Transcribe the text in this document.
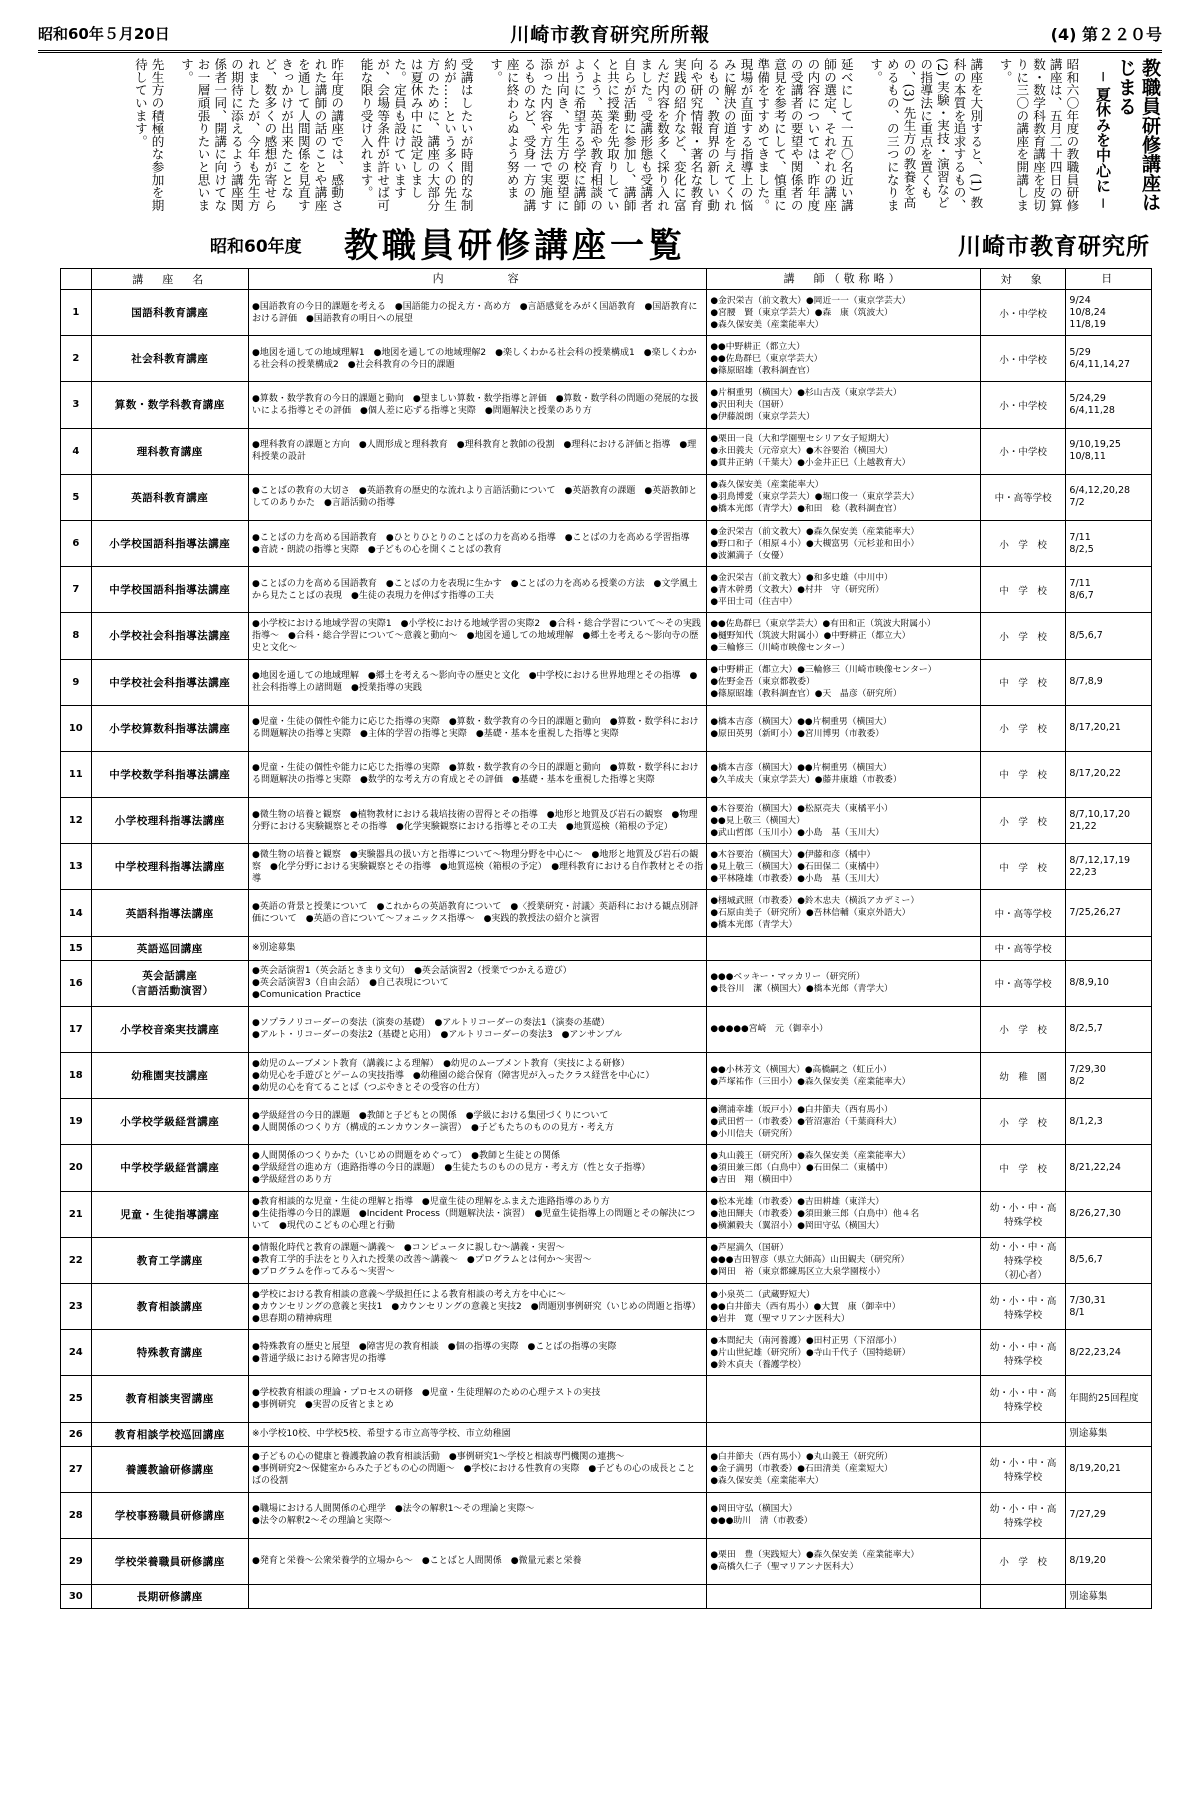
昭和60年５月20日	川崎市教育研究所所報	(4) 第２２０号
教職員研修講座はじまる
─ 夏休みを中心に ─

昭和六〇年度の教職員研修講座は、五月二十四日の算数・数学科教育講座を皮切りに三〇の講座を開講します。

講座を大別すると、(1) 教科の本質を追求するもの、(2) 実験・実技・演習などの指導法に重点を置くもの、(3) 先生方の教養を高めるもの、の三つになります。

延べにして一五〇名近い講師の選定、それぞれの講座の内容については、昨年度の受講者の要望や関係者の意見を参考にして、慎重に準備をすすめてきました。現場が直面する指導上の悩みに解決の道を与えてくれるもの、教育界の新しい動向や研究情報・著名な教育実践の紹介など、変化に富んだ内容を数多く採り入れました。受講形態も受講者自らが活動に参加し、講師と共に授業を先取りしていくよう、英語や教育相談のように希望する学校に講師が出向き、先生方の要望に添った内容や方法で実施するものなど、受身一方の講座に終わらぬよう努めます。

受講はしたいが時間的な制約が……という多くの先生方のために、講座の大部分は夏休み中に設定しました。定員も設けていますが、会場等条件が許せば可能な限り受け入れます。

昨年度の講座では、感動された講師の話のことや講座を通して人間関係を見直すきっかけが出来たことなど、数多くの感想が寄せられましたが、今年も先生方の期待に添えるよう講座関係者一同、開講に向けてなお一層頑張りたいと思います。

先生方の積極的な参加を期待しています。

昭和60年度 教職員研修講座一覧	川崎市教育研究所
	講　座　名	内　　　　容	講　師（敬称略）	対　象	日

1	国語科教育講座	●国語教育の今日的課題を考える　●国語能力の捉え方・高め方　●言語感覚をみがく国語教育　●国語教育における評価　●国語教育の明日への展望	●金沢栄吉（前文教大）●岡近一一（東京学芸大）
●宮腰　賢（東京学芸大）●森　康（筑波大）
●森久保安美（産業能率大）	小・中学校	9/24
10/8,24
11/8,19

2	社会科教育講座	●地図を通しての地域理解1　●地図を通しての地域理解2　●楽しくわかる社会科の授業構成1　●楽しくわかる社会科の授業構成2　●社会科教育の今日的課題	●●中野耕正（都立大）
●●佐島群巳（東京学芸大）
●篠原昭雄（教科調査官）	小・中学校	5/29
6/4,11,14,27

3	算数・数学科教育講座	●算数・数学教育の今日的課題と動向　●望ましい算数・数学指導と評価　●算数・数学科の問題の発展的な扱いによる指導とその評価　●個人差に応ずる指導と実際　●問題解決と授業のあり方	●片桐重男（横国大）●杉山吉茂（東京学芸大）
●沢田利夫（国研）
●伊藤説朗（東京学芸大）	小・中学校	5/24,29
6/4,11,28

4	理科教育講座	●理科教育の課題と方向　●人間形成と理科教育　●理科教育と教師の役割　●理科における評価と指導　●理科授業の設計	●栗田一良（大和学園聖セシリア女子短期大）
●永田義夫（元帝京大）●木谷要治（横国大）
●貫井正納（千葉大）●小金井正巳（上越教育大）	小・中学校	9/10,19,25
10/8,11

5	英語科教育講座	●ことばの教育の大切さ　●英語教育の歴史的な流れより言語活動について　●英語教育の課題　●英語教師としてのありかた　●言語活動の指導	●森久保安美（産業能率大）
●羽鳥博愛（東京学芸大）●堀口俊一（東京学芸大）
●橋本光郎（青学大）●和田　稔（教科調査官）	中・高等学校	6/4,12,20,28
7/2

6	小学校国語科指導法講座	●ことばの力を高める国語教育　●ひとりひとりのことばの力を高める指導　●ことばの力を高める学習指導　●音読・朗読の指導と実際　●子どもの心を開くことばの教育	●金沢栄吉（前文教大）●森久保安美（産業能率大）
●野口和子（相原４小）●大槻富男（元杉並和田小）
●波瀬満子（女優）	小　学　校	7/11
8/2,5

7	中学校国語科指導法講座	●ことばの力を高める国語教育　●ことばの力を表現に生かす　●ことばの力を高める授業の方法　●文学風土から見たことばの表現　●生徒の表現力を伸ばす指導の工夫	●金沢栄吉（前文教大）●和多史雄（中川中）
●青木幹勇（文教大）●村井　守（研究所）
●平田士司（住吉中）	中　学　校	7/11
8/6,7

8	小学校社会科指導法講座	●小学校における地域学習の実際1　●小学校における地域学習の実際2　●合科・総合学習について〜その実践指導〜　●合科・総合学習について〜意義と動向〜　●地図を通しての地域理解　●郷土を考える〜影向寺の歴史と文化〜	●●佐島群巳（東京学芸大）●有田和正（筑波大附属小）
●樋野知代（筑波大附属小）●中野耕正（都立大）
●三輪修三（川崎市映像センター）	小　学　校	8/5,6,7

9	中学校社会科指導法講座	●地図を通しての地域理解　●郷土を考える〜影向寺の歴史と文化　●中学校における世界地理とその指導　●社会科指導上の諸問題　●授業指導の実践	●中野耕正（都立大）●三輪修三（川崎市映像センター）
●佐野金吾（東京都教委）
●篠原昭雄（教科調査官）●天　晶彦（研究所）	中　学　校	8/7,8,9

10	小学校算数科指導法講座	●児童・生徒の個性や能力に応じた指導の実際　●算数・数学教育の今日的課題と動向　●算数・数学科における問題解決の指導と実際　●主体的学習の指導と実際　●基礎・基本を重視した指導と実際	●橋本吉彦（横国大）●●片桐重男（横国大）
●原田英男（新町小）●宮川博男（市教委）	小　学　校	8/17,20,21

11	中学校数学科指導法講座	●児童・生徒の個性や能力に応じた指導の実際　●算数・数学教育の今日的課題と動向　●算数・数学科における問題解決の指導と実際　●数学的な考え方の育成とその評価　●基礎・基本を重視した指導と実際	●橋本吉彦（横国大）●●片桐重男（横国大）
●久羊成夫（東京学芸大）●藤井康雄（市教委）	中　学　校	8/17,20,22

12	小学校理科指導法講座	●微生物の培養と観察　●植物教材における栽培技術の習得とその指導　●地形と地質及び岩石の観察　●物理分野における実験観察とその指導　●化学実験観察における指導とその工夫　●地質巡検（箱根の予定）	●木谷要治（横国大）●松原亮夫（東橘平小）
●●見上敬三（横国大）
●武山哲郎（玉川小）●小島　基（玉川大）	小　学　校	8/7,10,17,20
21,22

13	中学校理科指導法講座	●微生物の培養と観察　●実験器具の扱い方と指導について〜物理分野を中心に〜　●地形と地質及び岩石の観察　●化学分野における実験観察とその指導　●地質巡検（箱根の予定）　●理科教育における自作教材とその指導	●木谷要治（横国大）●伊藤和彦（橘中）
●見上敬三（横国大）●石田保二（東橘中）
●平林隆雄（市教委）●小島　基（玉川大）	中　学　校	8/7,12,17,19
22,23

14	英語科指導法講座	●英語の背景と授業について　●これからの英語教育について　●〈授業研究・討議〉英語科における観点別評価について　●英語の音について〜フォニックス指導〜　●実践的教授法の紹介と演習	●栩城武照（市教委）●鈴木忠夫（横浜アカデミー）
●石原由美子（研究所）●吾林信輔（東京外語大）
●橋本光郎（青学大）	中・高等学校	7/25,26,27

15	英語巡回講座	※別途募集		中・高等学校	

16	英会話講座
（言語活動演習）	●英会話演習1（英会話ときまり文句）　●英会話演習2（授業でつかえる遊び）
●英会話演習3（自由会話）　●自己表現について
●Comunication Practice	●●●ベッキー・マッカリー（研究所）
●長谷川　潔（横国大）●橋本光郎（青学大）	中・高等学校	8/8,9,10

17	小学校音楽実技講座	●ソプラノリコーダーの奏法（演奏の基礎）　●アルトリコーダーの奏法1（演奏の基礎）
●アルト・リコーダーの奏法2（基礎と応用）　●アルトリコーダーの奏法3　●アンサンブル	●●●●●宮崎　元（御幸小）	小　学　校	8/2,5,7

18	幼稚園実技講座	●幼児のムーブメント教育（講義による理解）　●幼児のムーブメント教育（実技による研修）
●幼児心を手遊びとゲームの実技指導　●幼稚園の総合保育（障害児が入ったクラス経営を中心に）
●幼児の心を育てることば（つぶやきとその受容の仕方）	●●小林芳文（横国大）●高橋嗣之（虹丘小）
●芦塚祐作（三田小）●森久保安美（産業能率大）	幼　稚　園	7/29,30
8/2

19	小学校学級経営講座	●学級経営の今日的課題　●教師と子どもとの関係　●学級における集団づくりについて
●人間関係のつくり方（構成的エンカウンター演習）　●子どもたちのものの見方・考え方	●溯浦幸雄（坂戸小）●白井節夫（西有馬小）
●武田哲一（市教委）●菅沼憲治（千葉商科大）
●小川信夫（研究所）	小　学　校	8/1,2,3

20	中学校学級経営講座	●人間関係のつくりかた（いじめの問題をめぐって）　●教師と生徒との関係
●学級経営の進め方（進路指導の今日的課題）　●生徒たちのものの見方・考え方（性と女子指導）
●学級経営のあり方	●丸山義王（研究所）●森久保安美（産業能率大）
●須田兼三郎（白鳥中）●石田保二（東橘中）
●吉田　翔（横田中）	中　学　校	8/21,22,24

21	児童・生徒指導講座	●教育相談的な児童・生徒の理解と指導　●児童生徒の理解をふまえた進路指導のあり方
●生徒指導の今日的課題　●Incident Process（問題解決法・演習）　●児童生徒指導上の問題とその解決について　●現代のこどもの心理と行動	●松本光雄（市教委）●吉田耕雄（東洋大）
●池田輝夫（市教委）●須田兼三郎（白鳥中）他４名
●横瀬毅夫（翼沼小）●岡田守弘（横国大）	幼・小・中・高
特殊学校	8/26,27,30

22	教育工学講座	●情報化時代と教育の課題〜講義〜　●コンピュータに親しむ〜講義・実習〜
●教育工学的手法をとり入れた授業の改善〜講義〜　●プログラムとは何か〜実習〜
●プログラムを作ってみる〜実習〜	●芦屋満久（国研）
●●●吉田智彦（県立大師高）山田観夫（研究所）
●岡田　裕（東京都練馬区立大泉学園桜小）	幼・小・中・高
特殊学校
（初心者）	8/5,6,7

23	教育相談講座	●学校における教育相談の意義〜学級担任による教育相談の考え方を中心に〜
●カウンセリングの意義と実技1　●カウンセリングの意義と実技2　●問題別事例研究（いじめの問題と指導）　●思春期の精神病理	●小泉英二（武蔵野短大）
●●白井節夫（西有馬小）●大賀　康（御幸中）
●岩井　寛（聖マリアンナ医科大）	幼・小・中・高
特殊学校	7/30,31
8/1

24	特殊教育講座	●特殊教育の歴史と展望　●障害児の教育相談　●個の指導の実際　●ことばの指導の実際
●普通学級における障害児の指導	●本間紀夫（南河養護）●田村正男（下沼部小）
●片山世紀雄（研究所）●寺山千代子（国特総研）
●鈴木貞夫（養護学校）	幼・小・中・高
特殊学校	8/22,23,24

25	教育相談実習講座	●学校教育相談の理論・プロセスの研修　●児童・生徒理解のための心理テストの実技
●事例研究　●実習の反省とまとめ		幼・小・中・高
特殊学校	年間約25回程度

26	教育相談学校巡回講座	※小学校10校、中学校5校、希望する市立高等学校、市立幼稚園			別途募集

27	養護教諭研修講座	●子どもの心の健康と養護教諭の教育相談活動　●事例研究1〜学校と相談専門機関の連携〜
●事例研究2〜保健室からみた子どもの心の問題〜　●学校における性教育の実際　●子どもの心の成長とことばの役割	●白井節夫（西有馬小）●丸山義王（研究所）
●金子満男（市教委）●石田清美（産業短大）
●森久保安美（産業能率大）	幼・小・中・高
特殊学校	8/19,20,21

28	学校事務職員研修講座	●職場における人間関係の心理学　●法令の解釈1〜その理論と実際〜
●法令の解釈2〜その理論と実際〜	●岡田守弘（横国大）
●●●助川　清（市教委）	幼・小・中・高
特殊学校	7/27,29

29	学校栄養職員研修講座	●発育と栄養〜公衆栄養学的立場から〜　●ことばと人間関係　●微量元素と栄養	●栗田　豊（実践短大）●森久保安美（産業能率大）
●高橋久仁子（聖マリアンナ医科大）	小　学　校	8/19,20

30	長期研修講座				別途募集
